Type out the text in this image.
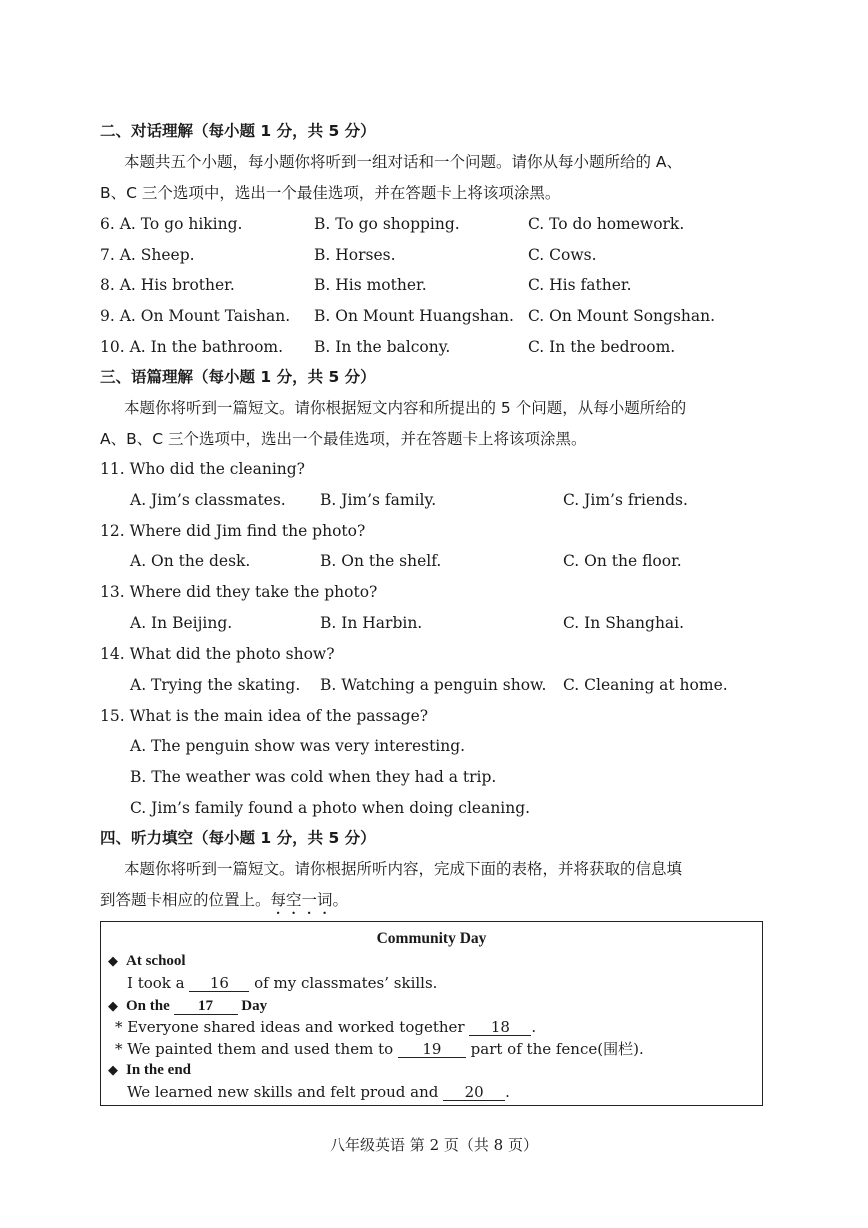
二、对话理解（每小题 1 分，共 5 分）
本题共五个小题，每小题你将听到一组对话和一个问题。请你从每小题所给的 A、
B、C 三个选项中，选出一个最佳选项，并在答题卡上将该项涂黑。
6. A. To go hiking.	B. To go shopping.	C. To do homework.
7. A. Sheep.	B. Horses.	C. Cows.
8. A. His brother.	B. His mother.	C. His father.
9. A. On Mount Taishan. B. On Mount Huangshan. C. On Mount Songshan.
10. A. In the bathroom. B. In the balcony.	C. In the bedroom.
三、语篇理解（每小题 1 分，共 5 分）
本题你将听到一篇短文。请你根据短文内容和所提出的 5 个问题，从每小题所给的
A、B、C 三个选项中，选出一个最佳选项，并在答题卡上将该项涂黑。
11. Who did the cleaning?
A. Jim’s classmates. B. Jim’s family.	C. Jim’s friends.
12. Where did Jim find the photo?
A. On the desk.	B. On the shelf.	C. On the floor.
13. Where did they take the photo?
A. In Beijing.	B. In Harbin.	C. In Shanghai.
14. What did the photo show?
A. Trying the skating. B. Watching a penguin show. C. Cleaning at home.
15. What is the main idea of the passage?
A. The penguin show was very interesting.
B. The weather was cold when they had a trip.
C. Jim’s family found a photo when doing cleaning.
四、听力填空（每小题 1 分，共 5 分）
本题你将听到一篇短文。请你根据所听内容，完成下面的表格，并将获取的信息填
到答题卡相应的位置上。每空一词。
Community Day
◆ At school
I took a 16 of my classmates’ skills.
◆ On the 17 Day
* Everyone shared ideas and worked together 18 .
* We painted them and used them to 19 part of the fence(围栏).
◆ In the end
We learned new skills and felt proud and 20 .
八年级英语 第 2 页（共 8 页）
